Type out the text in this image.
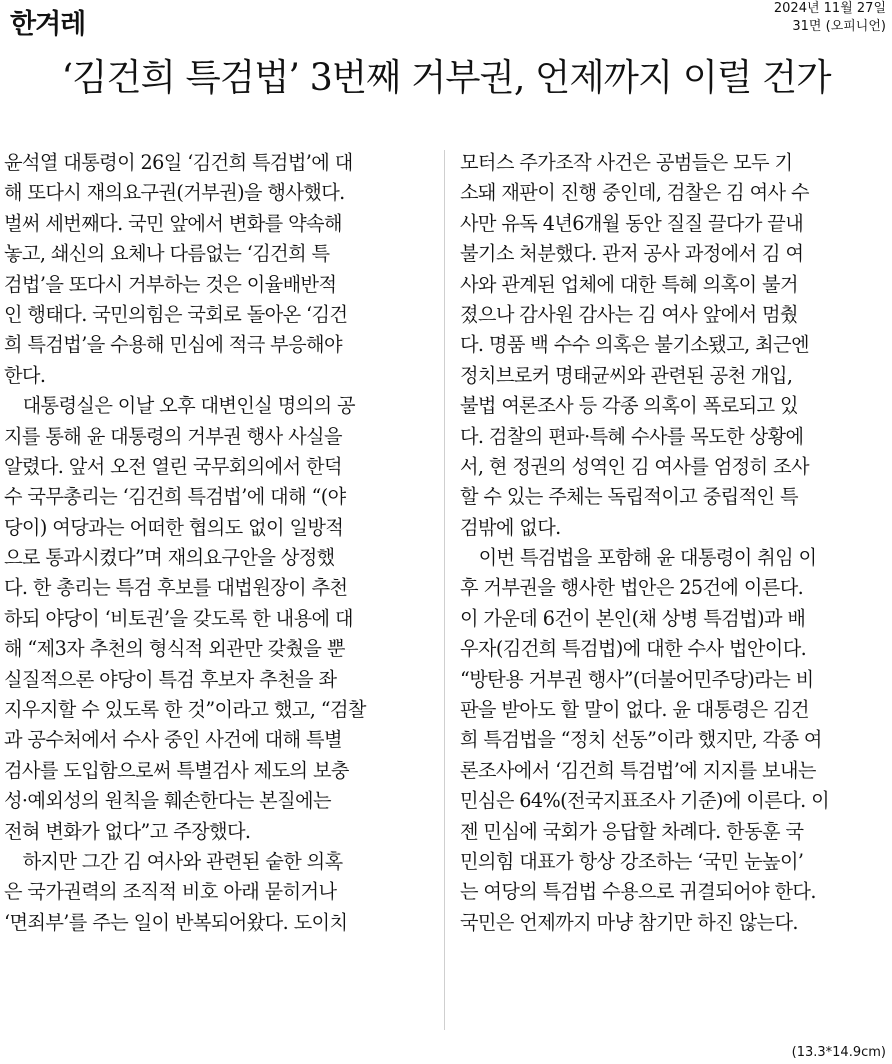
한겨레
2024년 11월 27일
31면 (오피니언)
‘김건희 특검법’ 3번째 거부권, 언제까지 이럴 건가
윤석열 대통령이 26일 ‘김건희 특검법’에 대
해 또다시 재의요구권(거부권)을 행사했다.
벌써 세번째다. 국민 앞에서 변화를 약속해
놓고, 쇄신의 요체나 다름없는 ‘김건희 특
검법’을 또다시 거부하는 것은 이율배반적
인 행태다. 국민의힘은 국회로 돌아온 ‘김건
희 특검법’을 수용해 민심에 적극 부응해야
한다.
　대통령실은 이날 오후 대변인실 명의의 공
지를 통해 윤 대통령의 거부권 행사 사실을
알렸다. 앞서 오전 열린 국무회의에서 한덕
수 국무총리는 ‘김건희 특검법’에 대해 “(야
당이) 여당과는 어떠한 협의도 없이 일방적
으로 통과시켰다”며 재의요구안을 상정했
다. 한 총리는 특검 후보를 대법원장이 추천
하되 야당이 ‘비토권’을 갖도록 한 내용에 대
해 “제3자 추천의 형식적 외관만 갖췄을 뿐
실질적으론 야당이 특검 후보자 추천을 좌
지우지할 수 있도록 한 것”이라고 했고, “검찰
과 공수처에서 수사 중인 사건에 대해 특별
검사를 도입함으로써 특별검사 제도의 보충
성·예외성의 원칙을 훼손한다는 본질에는
전혀 변화가 없다”고 주장했다.
　하지만 그간 김 여사와 관련된 숱한 의혹
은 국가권력의 조직적 비호 아래 묻히거나
‘면죄부’를 주는 일이 반복되어왔다. 도이치
모터스 주가조작 사건은 공범들은 모두 기
소돼 재판이 진행 중인데, 검찰은 김 여사 수
사만 유독 4년6개월 동안 질질 끌다가 끝내
불기소 처분했다. 관저 공사 과정에서 김 여
사와 관계된 업체에 대한 특혜 의혹이 불거
졌으나 감사원 감사는 김 여사 앞에서 멈췄
다. 명품 백 수수 의혹은 불기소됐고, 최근엔
정치브로커 명태균씨와 관련된 공천 개입,
불법 여론조사 등 각종 의혹이 폭로되고 있
다. 검찰의 편파·특혜 수사를 목도한 상황에
서, 현 정권의 성역인 김 여사를 엄정히 조사
할 수 있는 주체는 독립적이고 중립적인 특
검밖에 없다.
　이번 특검법을 포함해 윤 대통령이 취임 이
후 거부권을 행사한 법안은 25건에 이른다.
이 가운데 6건이 본인(채 상병 특검법)과 배
우자(김건희 특검법)에 대한 수사 법안이다.
“방탄용 거부권 행사”(더불어민주당)라는 비
판을 받아도 할 말이 없다. 윤 대통령은 김건
희 특검법을 “정치 선동”이라 했지만, 각종 여
론조사에서 ‘김건희 특검법’에 지지를 보내는
민심은 64%(전국지표조사 기준)에 이른다. 이
젠 민심에 국회가 응답할 차례다. 한동훈 국
민의힘 대표가 항상 강조하는 ‘국민 눈높이’
는 여당의 특검법 수용으로 귀결되어야 한다.
국민은 언제까지 마냥 참기만 하진 않는다.
(13.3*14.9cm)
